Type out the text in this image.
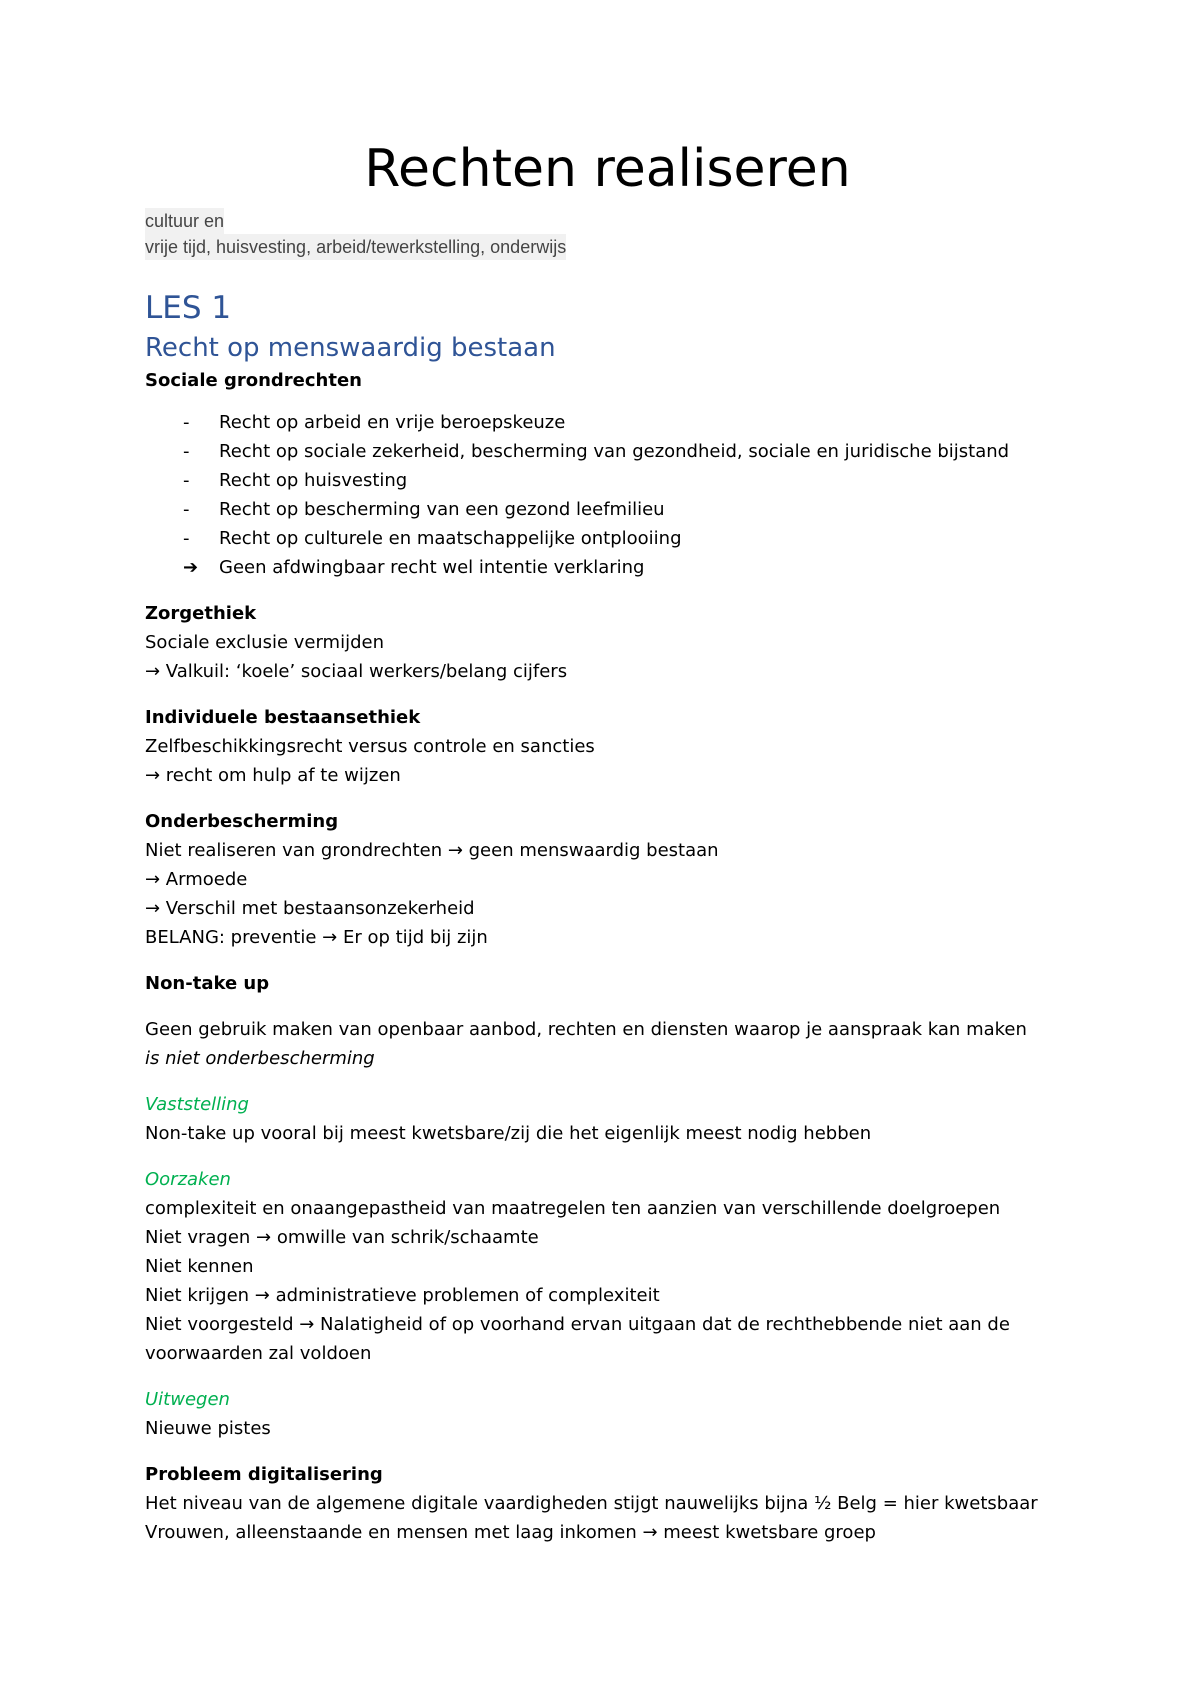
Rechten realiseren
cultuur en
vrije tijd, huisvesting, arbeid/tewerkstelling, onderwijs
LES 1
Recht op menswaardig bestaan
Sociale grondrechten
-	Recht op arbeid en vrije beroepskeuze
-	Recht op sociale zekerheid, bescherming van gezondheid, sociale en juridische bijstand
-	Recht op huisvesting
-	Recht op bescherming van een gezond leefmilieu
-	Recht op culturele en maatschappelijke ontplooiing
➔ Geen afdwingbaar recht wel intentie verklaring
Zorgethiek
Sociale exclusie vermijden
→ Valkuil: ‘koele’ sociaal werkers/belang cijfers
Individuele bestaansethiek
Zelfbeschikkingsrecht versus controle en sancties
→ recht om hulp af te wijzen
Onderbescherming
Niet realiseren van grondrechten → geen menswaardig bestaan
→ Armoede
→ Verschil met bestaansonzekerheid
BELANG: preventie → Er op tijd bij zijn
Non-take up
Geen gebruik maken van openbaar aanbod, rechten en diensten waarop je aanspraak kan maken
is niet onderbescherming
Vaststelling
Non-take up vooral bij meest kwetsbare/zij die het eigenlijk meest nodig hebben
Oorzaken
complexiteit en onaangepastheid van maatregelen ten aanzien van verschillende doelgroepen
Niet vragen → omwille van schrik/schaamte
Niet kennen
Niet krijgen → administratieve problemen of complexiteit
Niet voorgesteld → Nalatigheid of op voorhand ervan uitgaan dat de rechthebbende niet aan de
voorwaarden zal voldoen
Uitwegen
Nieuwe pistes
Probleem digitalisering
Het niveau van de algemene digitale vaardigheden stijgt nauwelijks bijna ½ Belg = hier kwetsbaar
Vrouwen, alleenstaande en mensen met laag inkomen → meest kwetsbare groep
